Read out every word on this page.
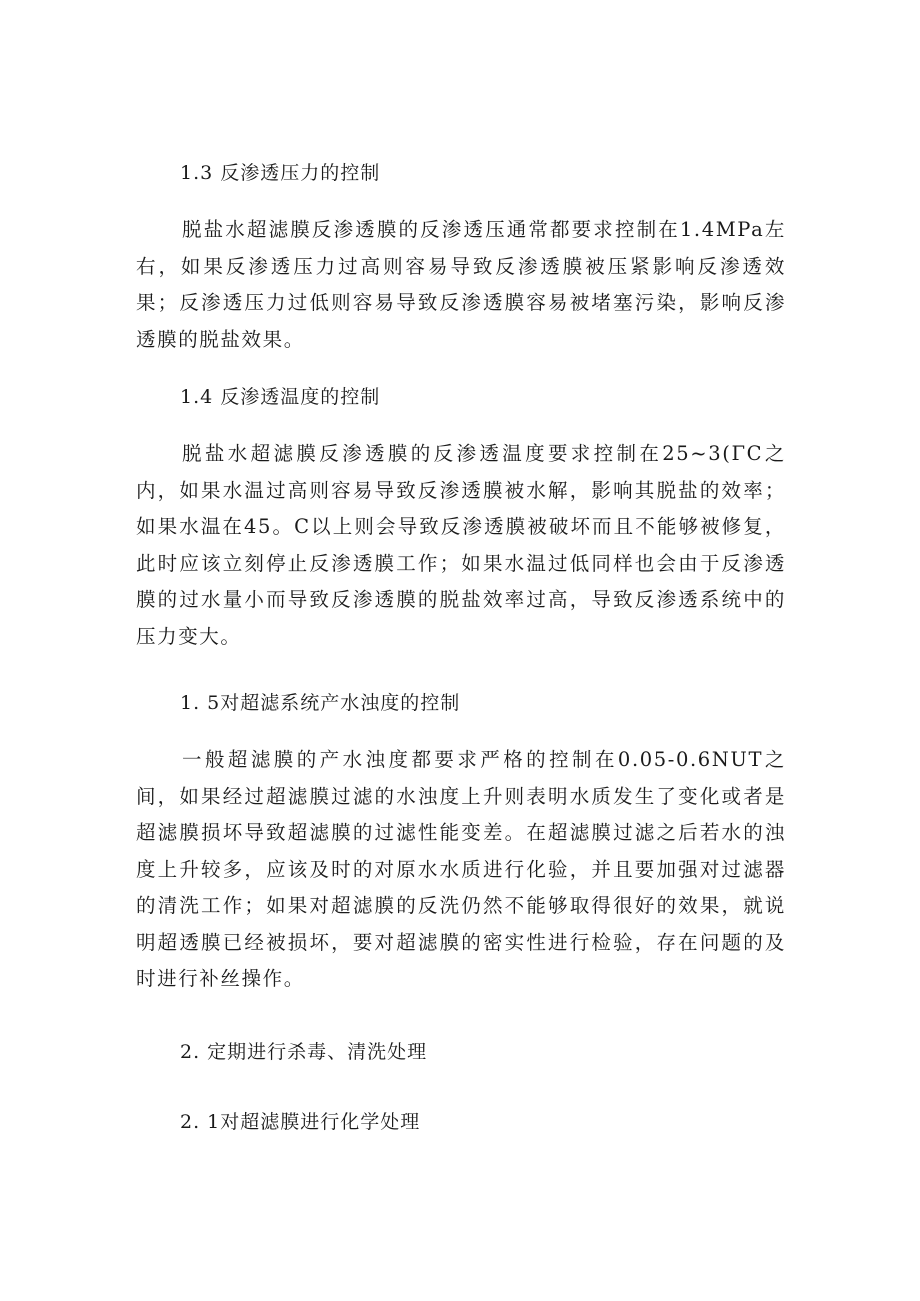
1.3 反渗透压力的控制

脱盐水超滤膜反渗透膜的反渗透压通常都要求控制在1.4MPa左右，如果反渗透压力过高则容易导致反渗透膜被压紧影响反渗透效果；反渗透压力过低则容易导致反渗透膜容易被堵塞污染，影响反渗透膜的脱盐效果。

1.4 反渗透温度的控制

脱盐水超滤膜反渗透膜的反渗透温度要求控制在25~3(ΓC之内，如果水温过高则容易导致反渗透膜被水解，影响其脱盐的效率；如果水温在45。C以上则会导致反渗透膜被破坏而且不能够被修复，此时应该立刻停止反渗透膜工作；如果水温过低同样也会由于反渗透膜的过水量小而导致反渗透膜的脱盐效率过高，导致反渗透系统中的压力变大。

1. 5对超滤系统产水浊度的控制

一般超滤膜的产水浊度都要求严格的控制在0.05-0.6NUT之间，如果经过超滤膜过滤的水浊度上升则表明水质发生了变化或者是超滤膜损坏导致超滤膜的过滤性能变差。在超滤膜过滤之后若水的浊度上升较多，应该及时的对原水水质进行化验，并且要加强对过滤器的清洗工作；如果对超滤膜的反洗仍然不能够取得很好的效果，就说明超透膜已经被损坏，要对超滤膜的密实性进行检验，存在问题的及时进行补丝操作。

2. 定期进行杀毒、清洗处理
2. 1对超滤膜进行化学处理
